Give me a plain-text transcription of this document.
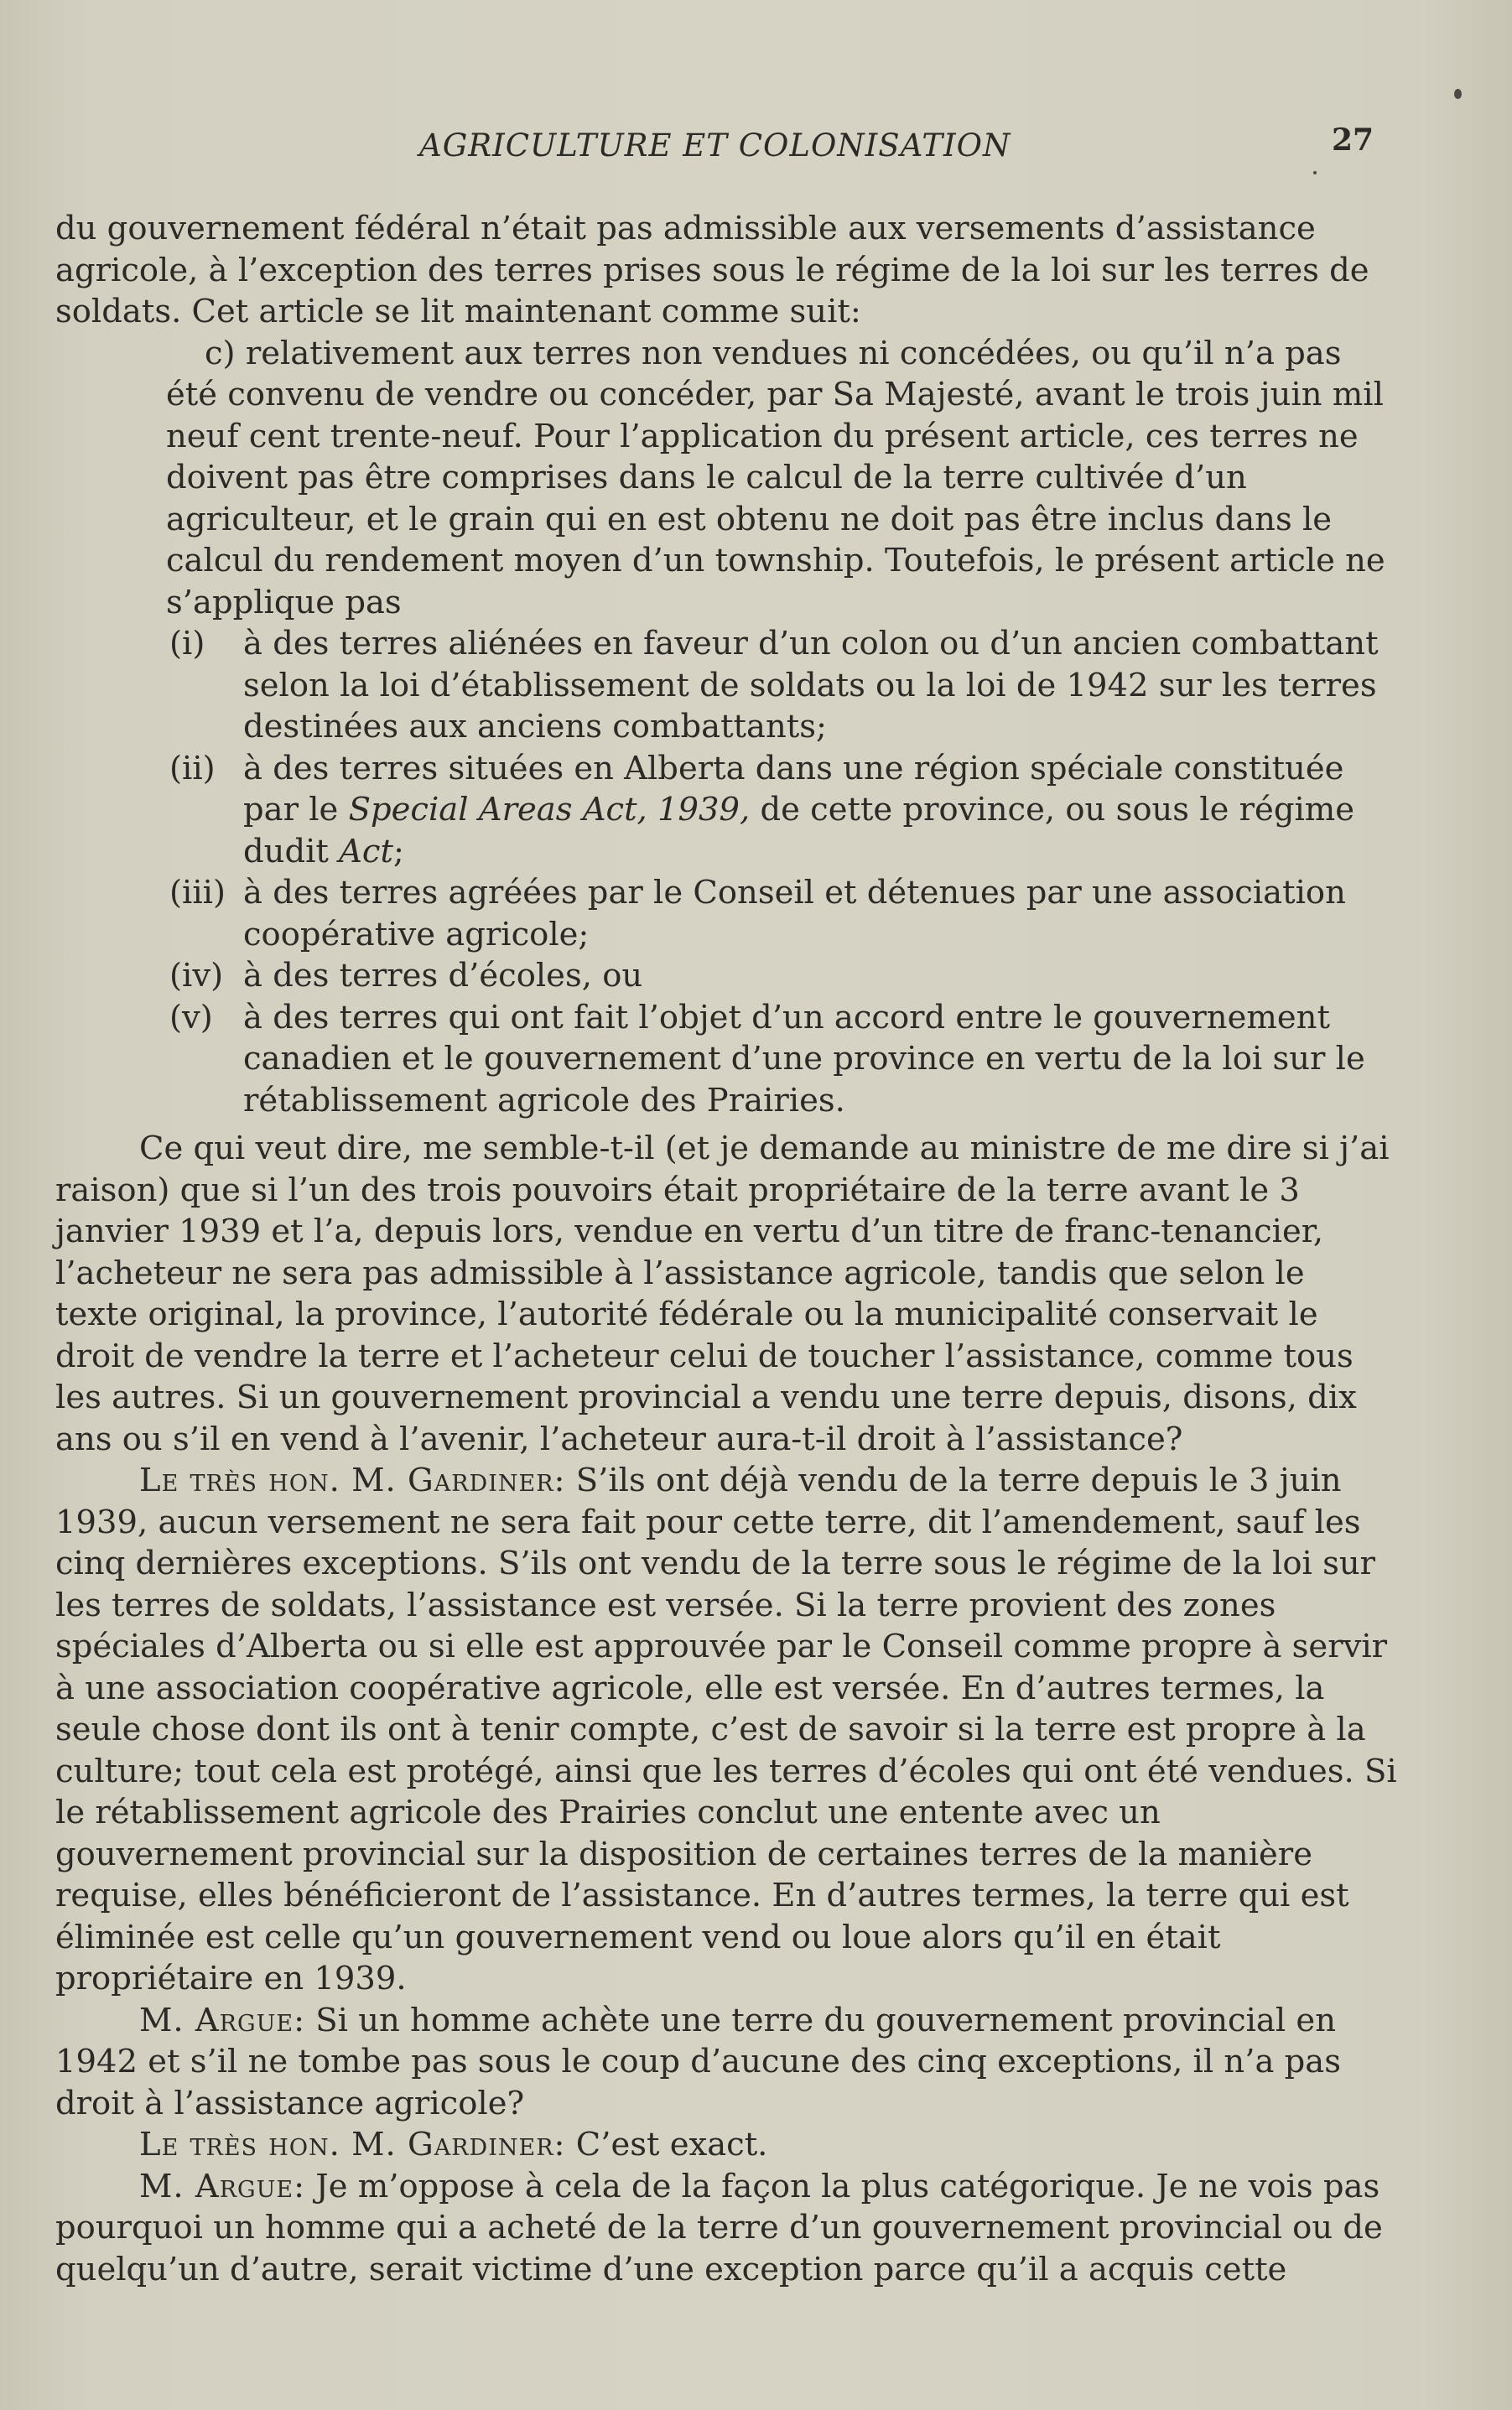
AGRICULTURE ET COLONISATION	27

du gouvernement fédéral n’était pas admissible aux versements d’assistance agricole, à l’exception des terres prises sous le régime de la loi sur les terres de soldats. Cet article se lit maintenant comme suit:

c) relativement aux terres non vendues ni concédées, ou qu’il n’a pas été convenu de vendre ou concéder, par Sa Majesté, avant le trois juin mil neuf cent trente-neuf. Pour l’application du présent article, ces terres ne doivent pas être comprises dans le calcul de la terre cultivée d’un agriculteur, et le grain qui en est obtenu ne doit pas être inclus dans le calcul du rendement moyen d’un township. Toutefois, le présent article ne s’applique pas

(i) à des terres aliénées en faveur d’un colon ou d’un ancien combattant selon la loi d’établissement de soldats ou la loi de 1942 sur les terres destinées aux anciens combattants;
(ii) à des terres situées en Alberta dans une région spéciale constituée par le Special Areas Act, 1939, de cette province, ou sous le régime dudit Act;
(iii) à des terres agréées par le Conseil et détenues par une association coopérative agricole;
(iv) à des terres d’écoles, ou
(v) à des terres qui ont fait l’objet d’un accord entre le gouvernement canadien et le gouvernement d’une province en vertu de la loi sur le rétablissement agricole des Prairies.

Ce qui veut dire, me semble-t-il (et je demande au ministre de me dire si j’ai raison) que si l’un des trois pouvoirs était propriétaire de la terre avant le 3 janvier 1939 et l’a, depuis lors, vendue en vertu d’un titre de franc-tenancier, l’acheteur ne sera pas admissible à l’assistance agricole, tandis que selon le texte original, la province, l’autorité fédérale ou la municipalité conservait le droit de vendre la terre et l’acheteur celui de toucher l’assistance, comme tous les autres. Si un gouvernement provincial a vendu une terre depuis, disons, dix ans ou s’il en vend à l’avenir, l’acheteur aura-t-il droit à l’assistance?

Le très hon. M. Gardiner: S’ils ont déjà vendu de la terre depuis le 3 juin 1939, aucun versement ne sera fait pour cette terre, dit l’amendement, sauf les cinq dernières exceptions. S’ils ont vendu de la terre sous le régime de la loi sur les terres de soldats, l’assistance est versée. Si la terre provient des zones spéciales d’Alberta ou si elle est approuvée par le Conseil comme propre à servir à une association coopérative agricole, elle est versée. En d’autres termes, la seule chose dont ils ont à tenir compte, c’est de savoir si la terre est propre à la culture; tout cela est protégé, ainsi que les terres d’écoles qui ont été vendues. Si le rétablissement agricole des Prairies conclut une entente avec un gouvernement provincial sur la disposition de certaines terres de la manière requise, elles bénéficieront de l’assistance. En d’autres termes, la terre qui est éliminée est celle qu’un gouvernement vend ou loue alors qu’il en était propriétaire en 1939.

M. Argue: Si un homme achète une terre du gouvernement provincial en 1942 et s’il ne tombe pas sous le coup d’aucune des cinq exceptions, il n’a pas droit à l’assistance agricole?

Le très hon. M. Gardiner: C’est exact.

M. Argue: Je m’oppose à cela de la façon la plus catégorique. Je ne vois pas pourquoi un homme qui a acheté de la terre d’un gouvernement provincial ou de quelqu’un d’autre, serait victime d’une exception parce qu’il a acquis cette
